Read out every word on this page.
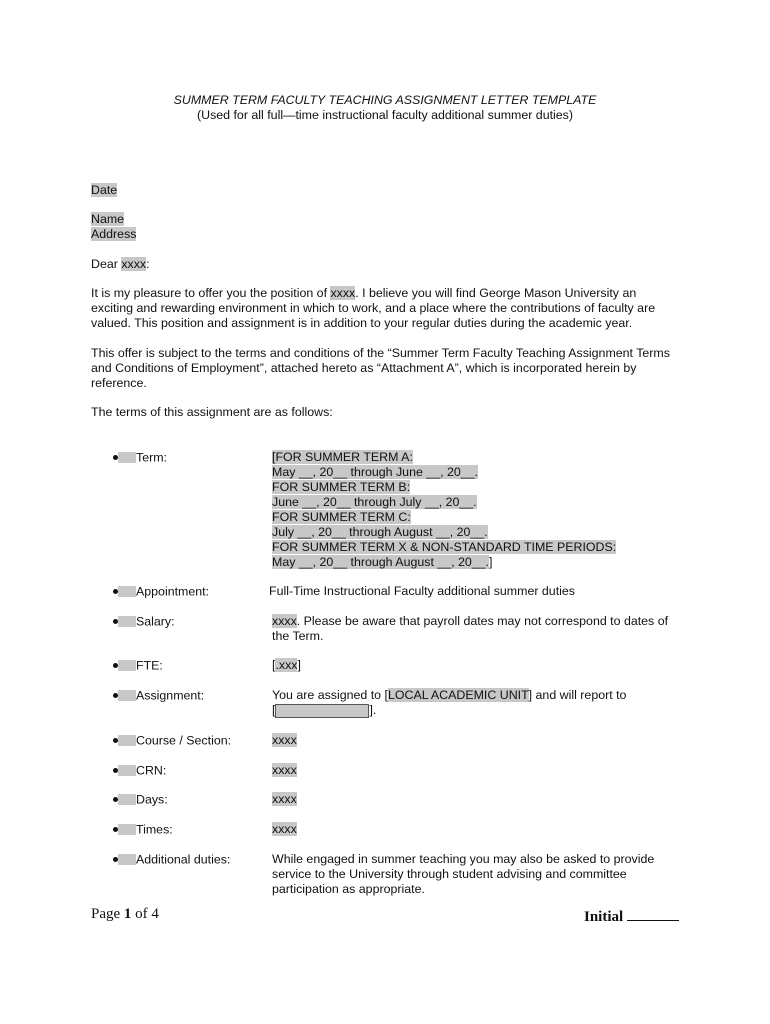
SUMMER TERM FACULTY TEACHING ASSIGNMENT LETTER TEMPLATE
(Used for all full—time instructional faculty additional summer duties)
Date
Name
Address
Dear xxxx:
It is my pleasure to offer you the position of xxxx. I believe you will find George Mason University an exciting and rewarding environment in which to work, and a place where the contributions of faculty are valued. This position and assignment is in addition to your regular duties during the academic year.
This offer is subject to the terms and conditions of the “Summer Term Faculty Teaching Assignment Terms and Conditions of Employment”, attached hereto as “Attachment A”, which is incorporated herein by reference.
The terms of this assignment are as follows:
Term:	[FOR SUMMER TERM A:
May __, 20__ through June __, 20__.
FOR SUMMER TERM B:
June __, 20__ through July __, 20__.
FOR SUMMER TERM C:
July __, 20__ through August __, 20__.
FOR SUMMER TERM X & NON-STANDARD TIME PERIODS:
May __, 20__ through August __, 20__.]
Appointment:	Full-Time Instructional Faculty additional summer duties
Salary:	xxxx. Please be aware that payroll dates may not correspond to dates of the Term.
FTE:	[.xxx]
Assignment:	You are assigned to [LOCAL ACADEMIC UNIT] and will report to
[	].
Course / Section:	xxxx
CRN:	xxxx
Days:	xxxx
Times:	xxxx
Additional duties:	While engaged in summer teaching you may also be asked to provide service to the University through student advising and committee participation as appropriate.
Page 1 of 4	Initial
